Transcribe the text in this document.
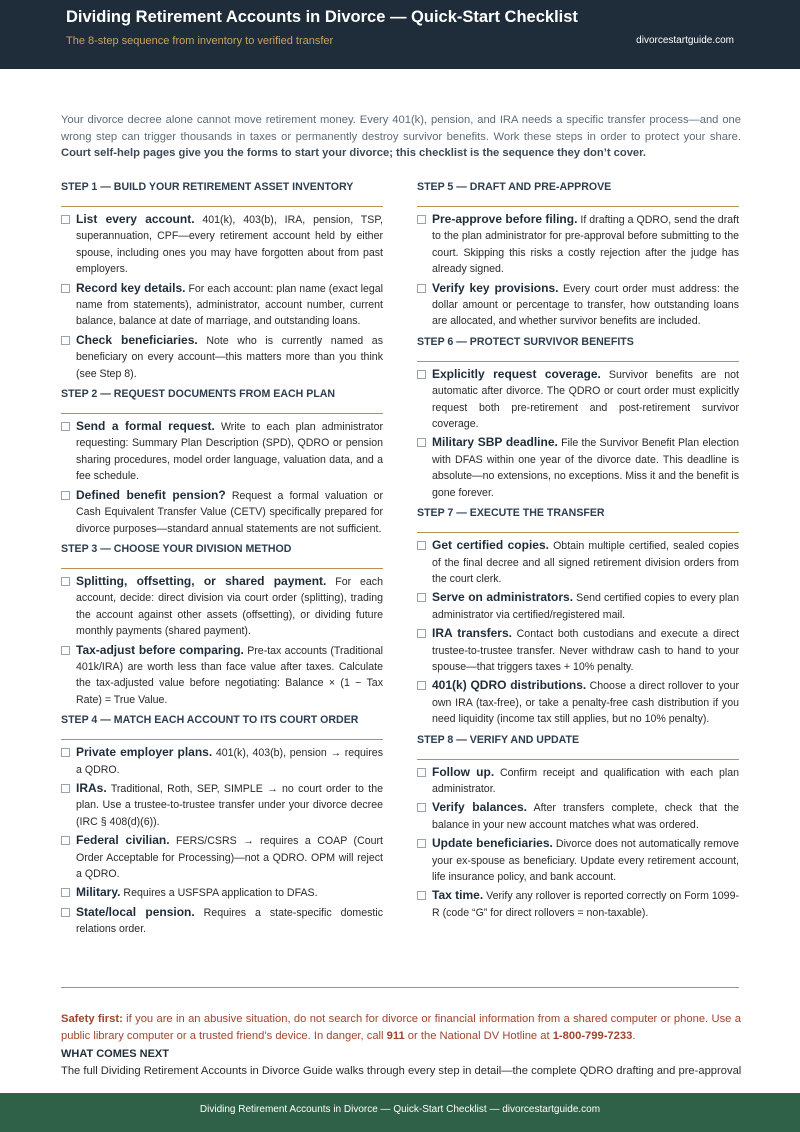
Dividing Retirement Accounts in Divorce — Quick-Start Checklist
The 8-step sequence from inventory to verified transfer	divorcestartguide.com
Your divorce decree alone cannot move retirement money. Every 401(k), pension, and IRA needs a specific transfer process—and one wrong step can trigger thousands in taxes or permanently destroy survivor benefits. Work these steps in order to protect your share. Court self-help pages give you the forms to start your divorce; this checklist is the sequence they don’t cover.
STEP 1 — BUILD YOUR RETIREMENT ASSET INVENTORY
List every account. 401(k), 403(b), IRA, pension, TSP, superannuation, CPF—every retirement account held by either spouse, including ones you may have forgotten about from past employers.
Record key details. For each account: plan name (exact legal name from statements), administrator, account number, current balance, balance at date of marriage, and outstanding loans.
Check beneficiaries. Note who is currently named as beneficiary on every account—this matters more than you think (see Step 8).
STEP 2 — REQUEST DOCUMENTS FROM EACH PLAN
Send a formal request. Write to each plan administrator requesting: Summary Plan Description (SPD), QDRO or pension sharing procedures, model order language, valuation data, and a fee schedule.
Defined benefit pension? Request a formal valuation or Cash Equivalent Transfer Value (CETV) specifically prepared for divorce purposes—standard annual statements are not sufficient.
STEP 3 — CHOOSE YOUR DIVISION METHOD
Splitting, offsetting, or shared payment. For each account, decide: direct division via court order (splitting), trading the account against other assets (offsetting), or dividing future monthly payments (shared payment).
Tax-adjust before comparing. Pre-tax accounts (Traditional 401k/IRA) are worth less than face value after taxes. Calculate the tax-adjusted value before negotiating: Balance × (1 − Tax Rate) = True Value.
STEP 4 — MATCH EACH ACCOUNT TO ITS COURT ORDER
Private employer plans. 401(k), 403(b), pension → requires a QDRO.
IRAs. Traditional, Roth, SEP, SIMPLE → no court order to the plan. Use a trustee-to-trustee transfer under your divorce decree (IRC § 408(d)(6)).
Federal civilian. FERS/CSRS → requires a COAP (Court Order Acceptable for Processing)—not a QDRO. OPM will reject a QDRO.
Military. Requires a USFSPA application to DFAS.
State/local pension. Requires a state-specific domestic relations order.
STEP 5 — DRAFT AND PRE-APPROVE
Pre-approve before filing. If drafting a QDRO, send the draft to the plan administrator for pre-approval before submitting to the court. Skipping this risks a costly rejection after the judge has already signed.
Verify key provisions. Every court order must address: the dollar amount or percentage to transfer, how outstanding loans are allocated, and whether survivor benefits are included.
STEP 6 — PROTECT SURVIVOR BENEFITS
Explicitly request coverage. Survivor benefits are not automatic after divorce. The QDRO or court order must explicitly request both pre-retirement and post-retirement survivor coverage.
Military SBP deadline. File the Survivor Benefit Plan election with DFAS within one year of the divorce date. This deadline is absolute—no extensions, no exceptions. Miss it and the benefit is gone forever.
STEP 7 — EXECUTE THE TRANSFER
Get certified copies. Obtain multiple certified, sealed copies of the final decree and all signed retirement division orders from the court clerk.
Serve on administrators. Send certified copies to every plan administrator via certified/registered mail.
IRA transfers. Contact both custodians and execute a direct trustee-to-trustee transfer. Never withdraw cash to hand to your spouse—that triggers taxes + 10% penalty.
401(k) QDRO distributions. Choose a direct rollover to your own IRA (tax-free), or take a penalty-free cash distribution if you need liquidity (income tax still applies, but no 10% penalty).
STEP 8 — VERIFY AND UPDATE
Follow up. Confirm receipt and qualification with each plan administrator.
Verify balances. After transfers complete, check that the balance in your new account matches what was ordered.
Update beneficiaries. Divorce does not automatically remove your ex-spouse as beneficiary. Update every retirement account, life insurance policy, and bank account.
Tax time. Verify any rollover is reported correctly on Form 1099-R (code “G” for direct rollovers = non-taxable).
Safety first: if you are in an abusive situation, do not search for divorce or financial information from a shared computer or phone. Use a public library computer or a trusted friend’s device. In danger, call 911 or the National DV Hotline at 1-800-799-7233.
WHAT COMES NEXT
The full Dividing Retirement Accounts in Divorce Guide walks through every step in detail—the complete QDRO drafting and pre-approval
Dividing Retirement Accounts in Divorce — Quick-Start Checklist — divorcestartguide.com
